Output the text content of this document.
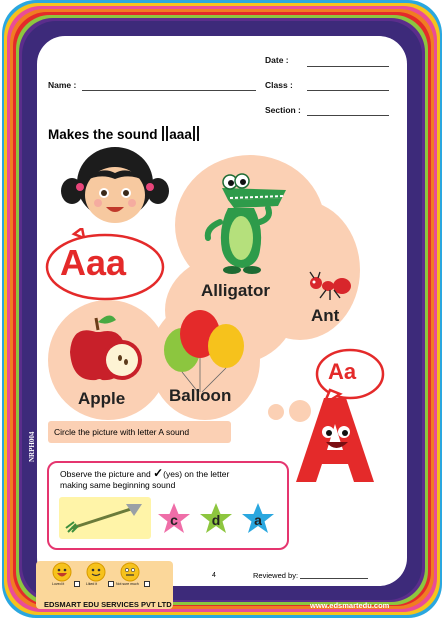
Date :
Name :	Class :
Section :
Makes the sound aaa
Aaa
Alligator
Ant
Apple	Balloon
Circle the picture with letter A sound
Aa
Observe the picture and ✓(yes) on the letter
making same beginning sound
c	d	a
NRPH004
4	Reviewed by:
Loved it	Liked it	Not sure much
EDSMART EDU SERVICES PVT LTD	www.edsmartedu.com
